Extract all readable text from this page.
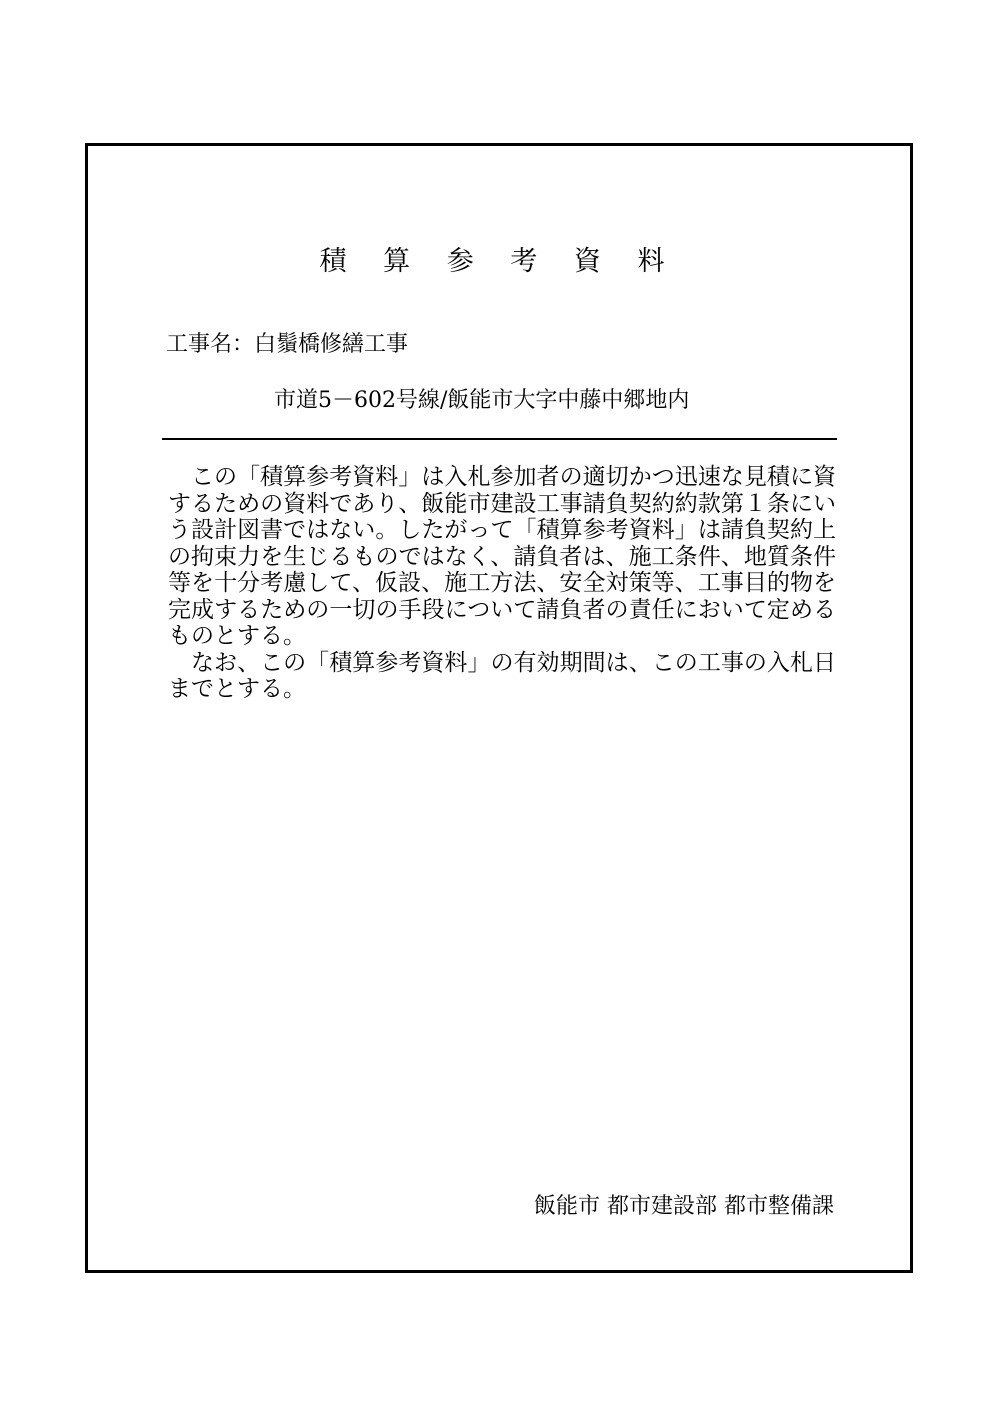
積 算 参 考 資 料
工事名：白鬚橋修繕工事
市道5－602号線/飯能市大字中藤中郷地内

この「積算参考資料」は入札参加者の適切かつ迅速な見積に資するための資料であり、飯能市建設工事請負契約約款第１条にいう設計図書ではない。したがって「積算参考資料」は請負契約上の拘束力を生じるものではなく、請負者は、施工条件、地質条件等を十分考慮して、仮設、施工方法、安全対策等、工事目的物を完成するための一切の手段について請負者の責任において定めるものとする。

なお、この「積算参考資料」の有効期間は、この工事の入札日までとする。

飯能市 都市建設部 都市整備課
